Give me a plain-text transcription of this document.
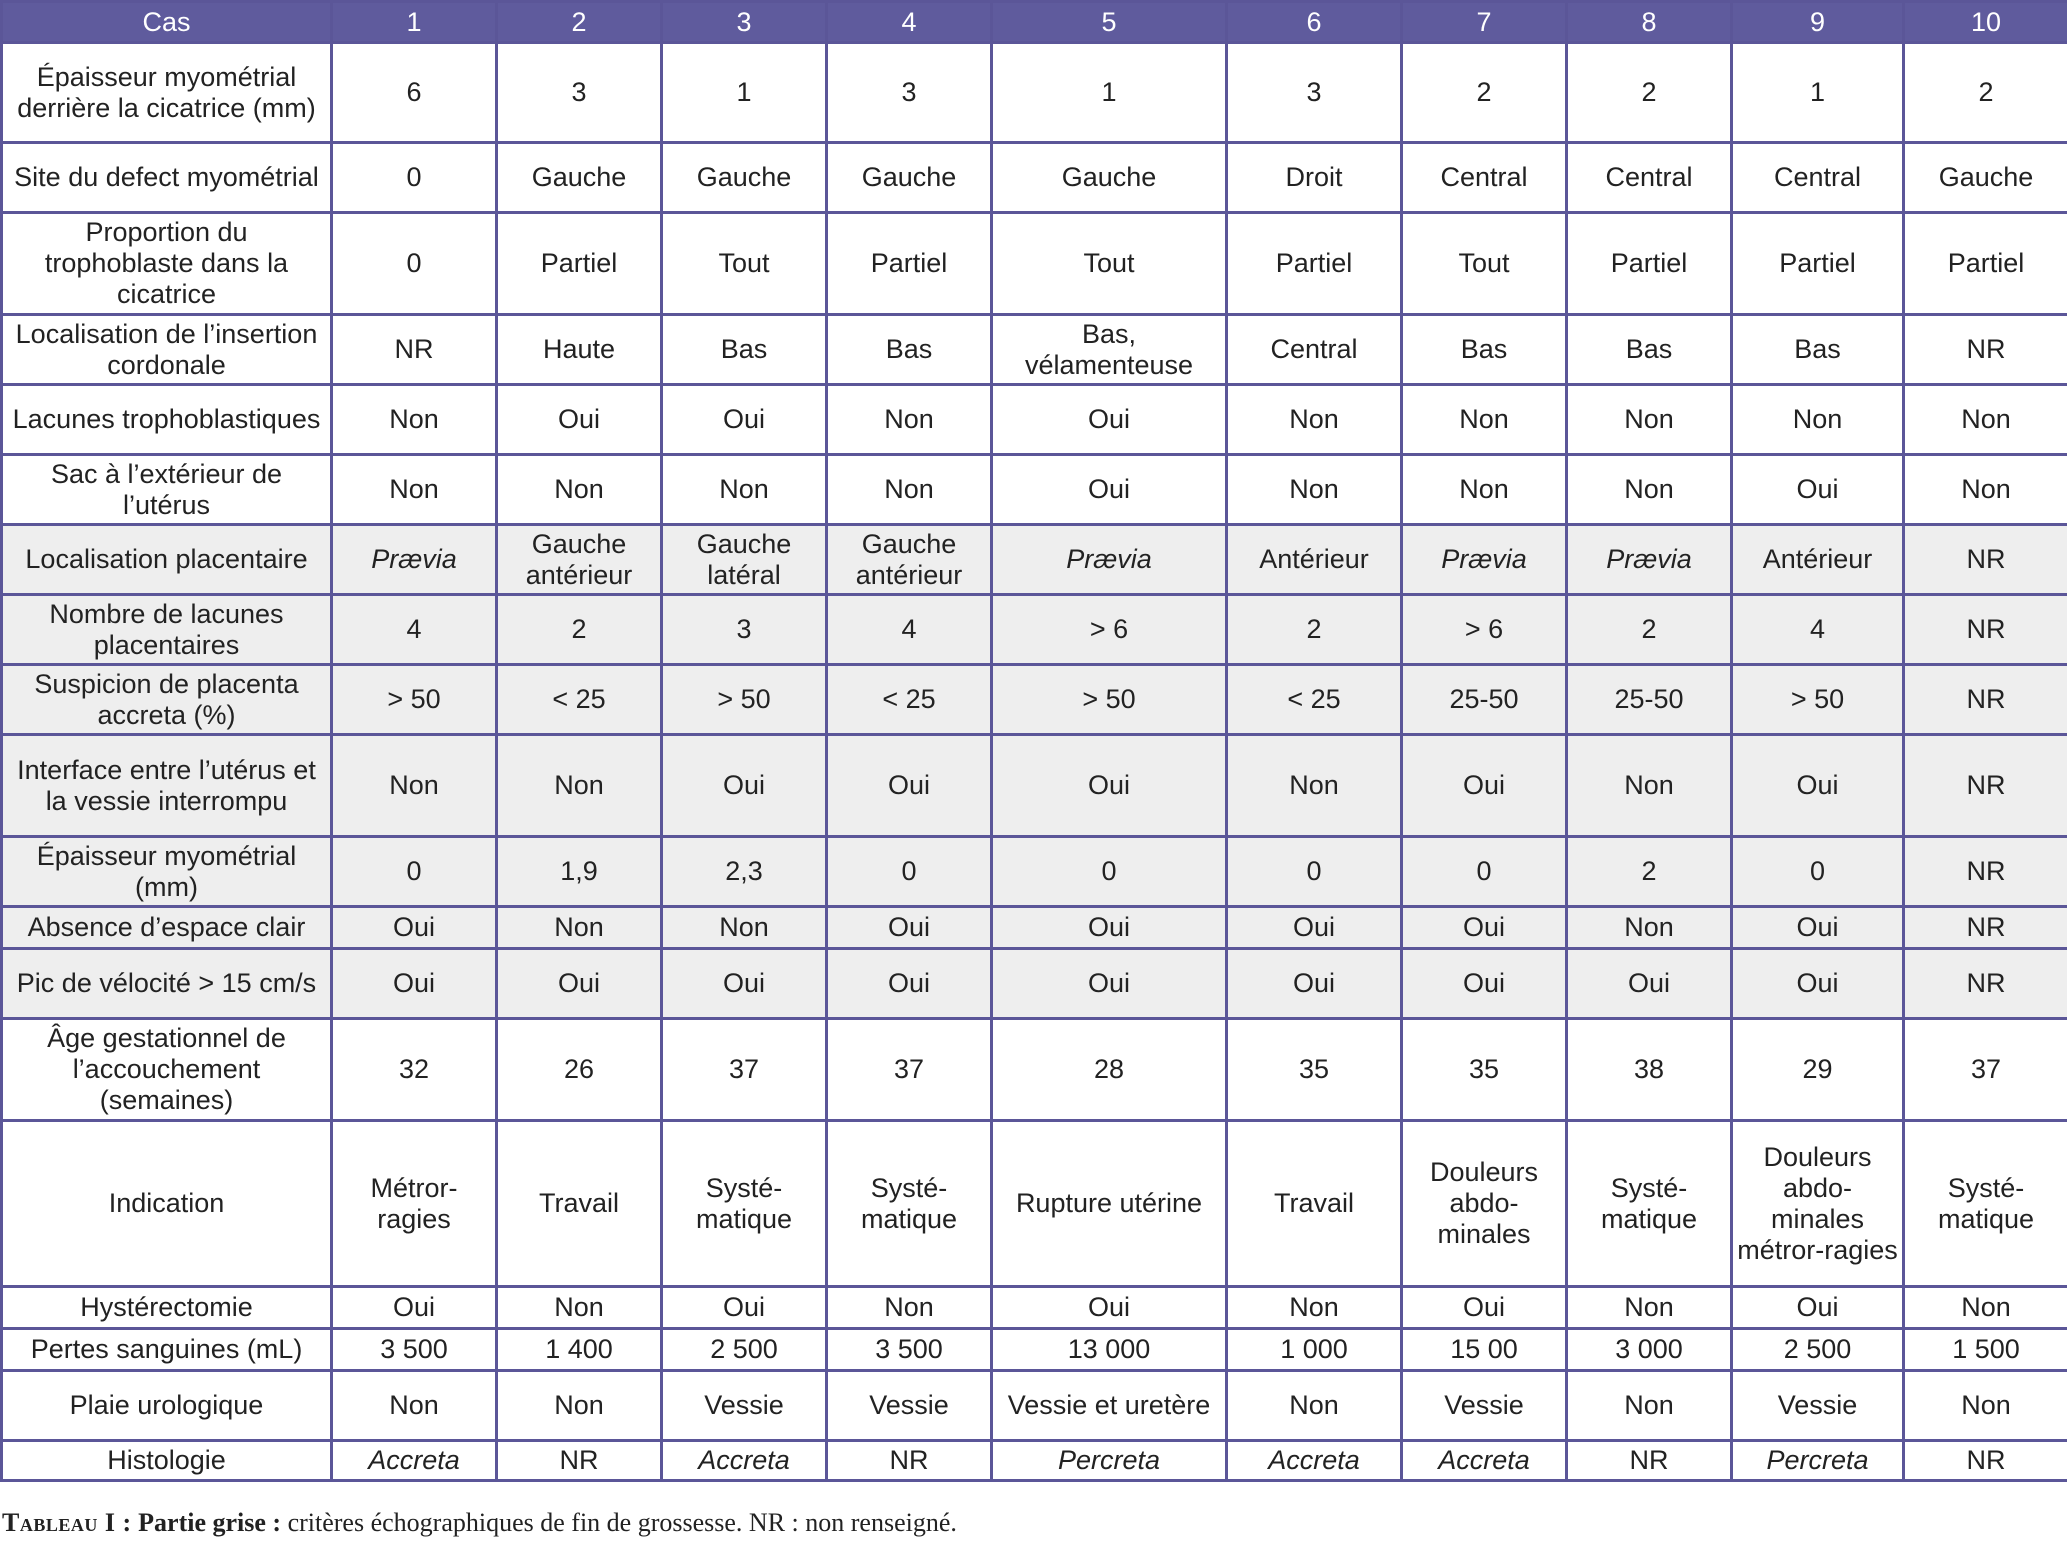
Cas	1	2	3	4	5	6	7	8	9	10
Épaisseur myométrial derrière la cicatrice (mm)	6	3	1	3	1	3	2	2	1	2
Site du defect myométrial	0	Gauche	Gauche	Gauche	Gauche	Droit	Central	Central	Central	Gauche
Proportion du trophoblaste dans la cicatrice	0	Partiel	Tout	Partiel	Tout	Partiel	Tout	Partiel	Partiel	Partiel
Localisation de l’insertion cordonale	NR	Haute	Bas	Bas	Bas, vélamenteuse	Central	Bas	Bas	Bas	NR
Lacunes trophoblastiques	Non	Oui	Oui	Non	Oui	Non	Non	Non	Non	Non
Sac à l’extérieur de l’utérus	Non	Non	Non	Non	Oui	Non	Non	Non	Oui	Non
Localisation placentaire	Prævia	Gauche antérieur	Gauche latéral	Gauche antérieur	Prævia	Antérieur	Prævia	Prævia	Antérieur	NR
Nombre de lacunes placentaires	4	2	3	4	> 6	2	> 6	2	4	NR
Suspicion de placenta accreta (%)	> 50	< 25	> 50	< 25	> 50	< 25	25-50	25-50	> 50	NR
Interface entre l’utérus et la vessie interrompu	Non	Non	Oui	Oui	Oui	Non	Oui	Non	Oui	NR
Épaisseur myométrial (mm)	0	1,9	2,3	0	0	0	0	2	0	NR
Absence d’espace clair	Oui	Non	Non	Oui	Oui	Oui	Oui	Non	Oui	NR
Pic de vélocité > 15 cm/s	Oui	Oui	Oui	Oui	Oui	Oui	Oui	Oui	Oui	NR
Âge gestationnel de l’accouchement (semaines)	32	26	37	37	28	35	35	38	29	37
Indication	Métror-ragies	Travail	Systé-matique	Systé-matique	Rupture utérine	Travail	Douleurs abdo-minales	Systé-matique	Douleurs abdo-minales métror-ragies	Systé-matique
Hystérectomie	Oui	Non	Oui	Non	Oui	Non	Oui	Non	Oui	Non
Pertes sanguines (mL)	3 500	1 400	2 500	3 500	13 000	1 000	15 00	3 000	2 500	1 500
Plaie urologique	Non	Non	Vessie	Vessie	Vessie et uretère	Non	Vessie	Non	Vessie	Non
Histologie	Accreta	NR	Accreta	NR	Percreta	Accreta	Accreta	NR	Percreta	NR
Tableau I : Partie grise : critères échographiques de fin de grossesse. NR : non renseigné.
